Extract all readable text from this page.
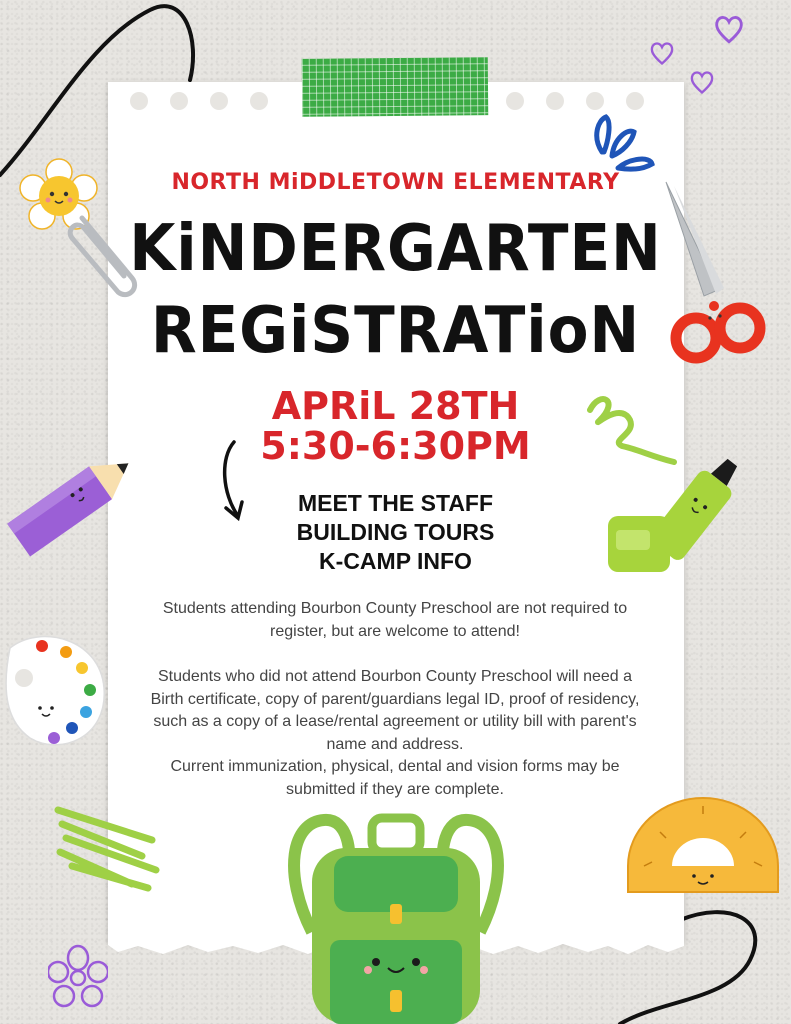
NORTH MiDDLETOWN ELEMENTARY
KiNDERGARTEN
REGiSTRATioN
APRiL 28TH
5:30-6:30PM
MEET THE STAFF
BUILDING TOURS
K-CAMP INFO
Students attending Bourbon County Preschool are not required to register, but are welcome to attend!
Students who did not attend Bourbon County Preschool will need a Birth certificate, copy of parent/guardians legal ID, proof of residency, such as a copy of a lease/rental agreement or utility bill with parent's name and address.
Current immunization, physical, dental and vision forms may be submitted if they are complete.
